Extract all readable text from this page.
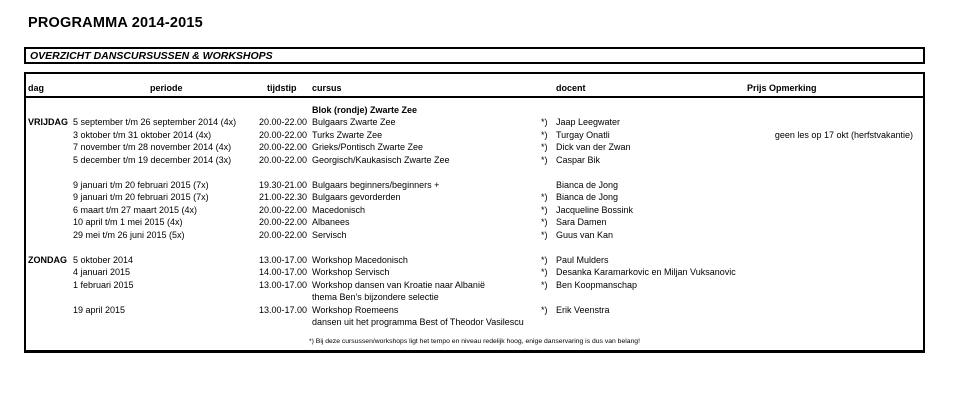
PROGRAMMA 2014-2015
OVERZICHT DANSCURSUSSEN & WORKSHOPS
dag	periode	tijdstip cursus	docent	Prijs Opmerking
Blok (rondje) Zwarte Zee
VRIJDAG 5 september t/m 26 september 2014 (4x)	20.00-22.00 Bulgaars Zwarte Zee	*) Jaap Leegwater
3 oktober t/m 31 oktober 2014 (4x)	20.00-22.00 Turks Zwarte Zee	*) Turgay Onatli	geen les op 17 okt (herfstvakantie)
7 november t/m 28 november 2014 (4x)	20.00-22.00 Grieks/Pontisch Zwarte Zee	*) Dick van der Zwan
5 december t/m 19 december 2014 (3x)	20.00-22.00 Georgisch/Kaukasisch Zwarte Zee	*) Caspar Bik
9 januari t/m 20 februari 2015 (7x)	19.30-21.00 Bulgaars beginners/beginners +	Bianca de Jong
9 januari t/m 20 februari 2015 (7x)	21.00-22.30 Bulgaars gevorderden	*) Bianca de Jong
6 maart t/m 27 maart 2015 (4x)	20.00-22.00 Macedonisch	*) Jacqueline Bossink
10 april t/m 1 mei 2015 (4x)	20.00-22.00 Albanees	*) Sara Damen
29 mei t/m 26 juni 2015 (5x)	20.00-22.00 Servisch	*) Guus van Kan
ZONDAG 5 oktober 2014	13.00-17.00 Workshop Macedonisch	*) Paul Mulders
4 januari 2015	14.00-17.00 Workshop Servisch	*) Desanka Karamarkovic en Miljan Vuksanovic
1 februari 2015	13.00-17.00 Workshop dansen van Kroatie naar Albanië	*) Ben Koopmanschap
thema Ben's bijzondere selectie
19 april 2015	13.00-17.00 Workshop Roemeens	*) Erik Veenstra
dansen uit het programma Best of Theodor Vasilescu
*) Bij deze cursussen/workshops ligt het tempo en niveau redelijk hoog, enige danservaring is dus van belang!
